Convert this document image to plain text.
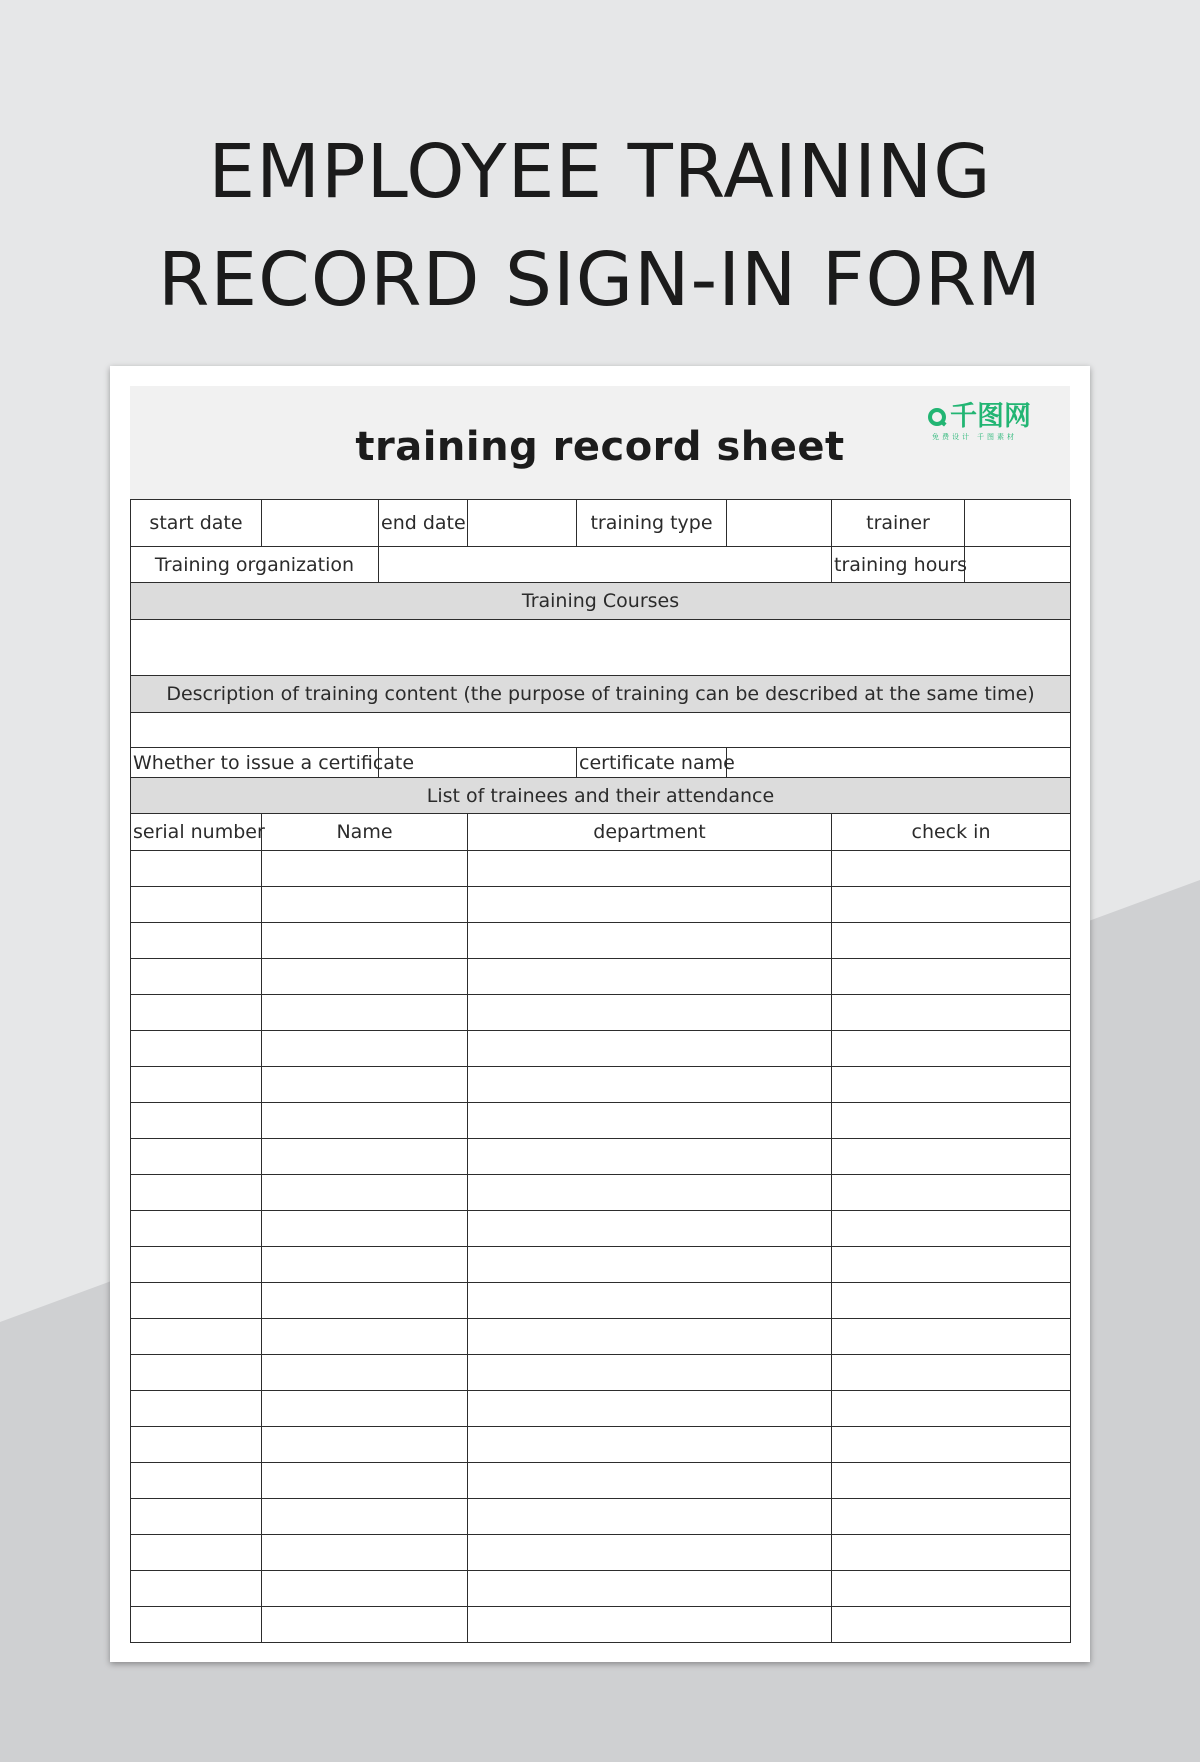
EMPLOYEE TRAINING
RECORD SIGN-IN FORM
training record sheet
千图网
免费设计 千图素材
start date		end date		training type		trainer	
Training organization						training hours	
Training Courses							

Description of training content (the purpose of training can be described at the same time)							

Whether to issue a certificate				certificate name			
List of trainees and their attendance							
serial number	Name		department			check in	
